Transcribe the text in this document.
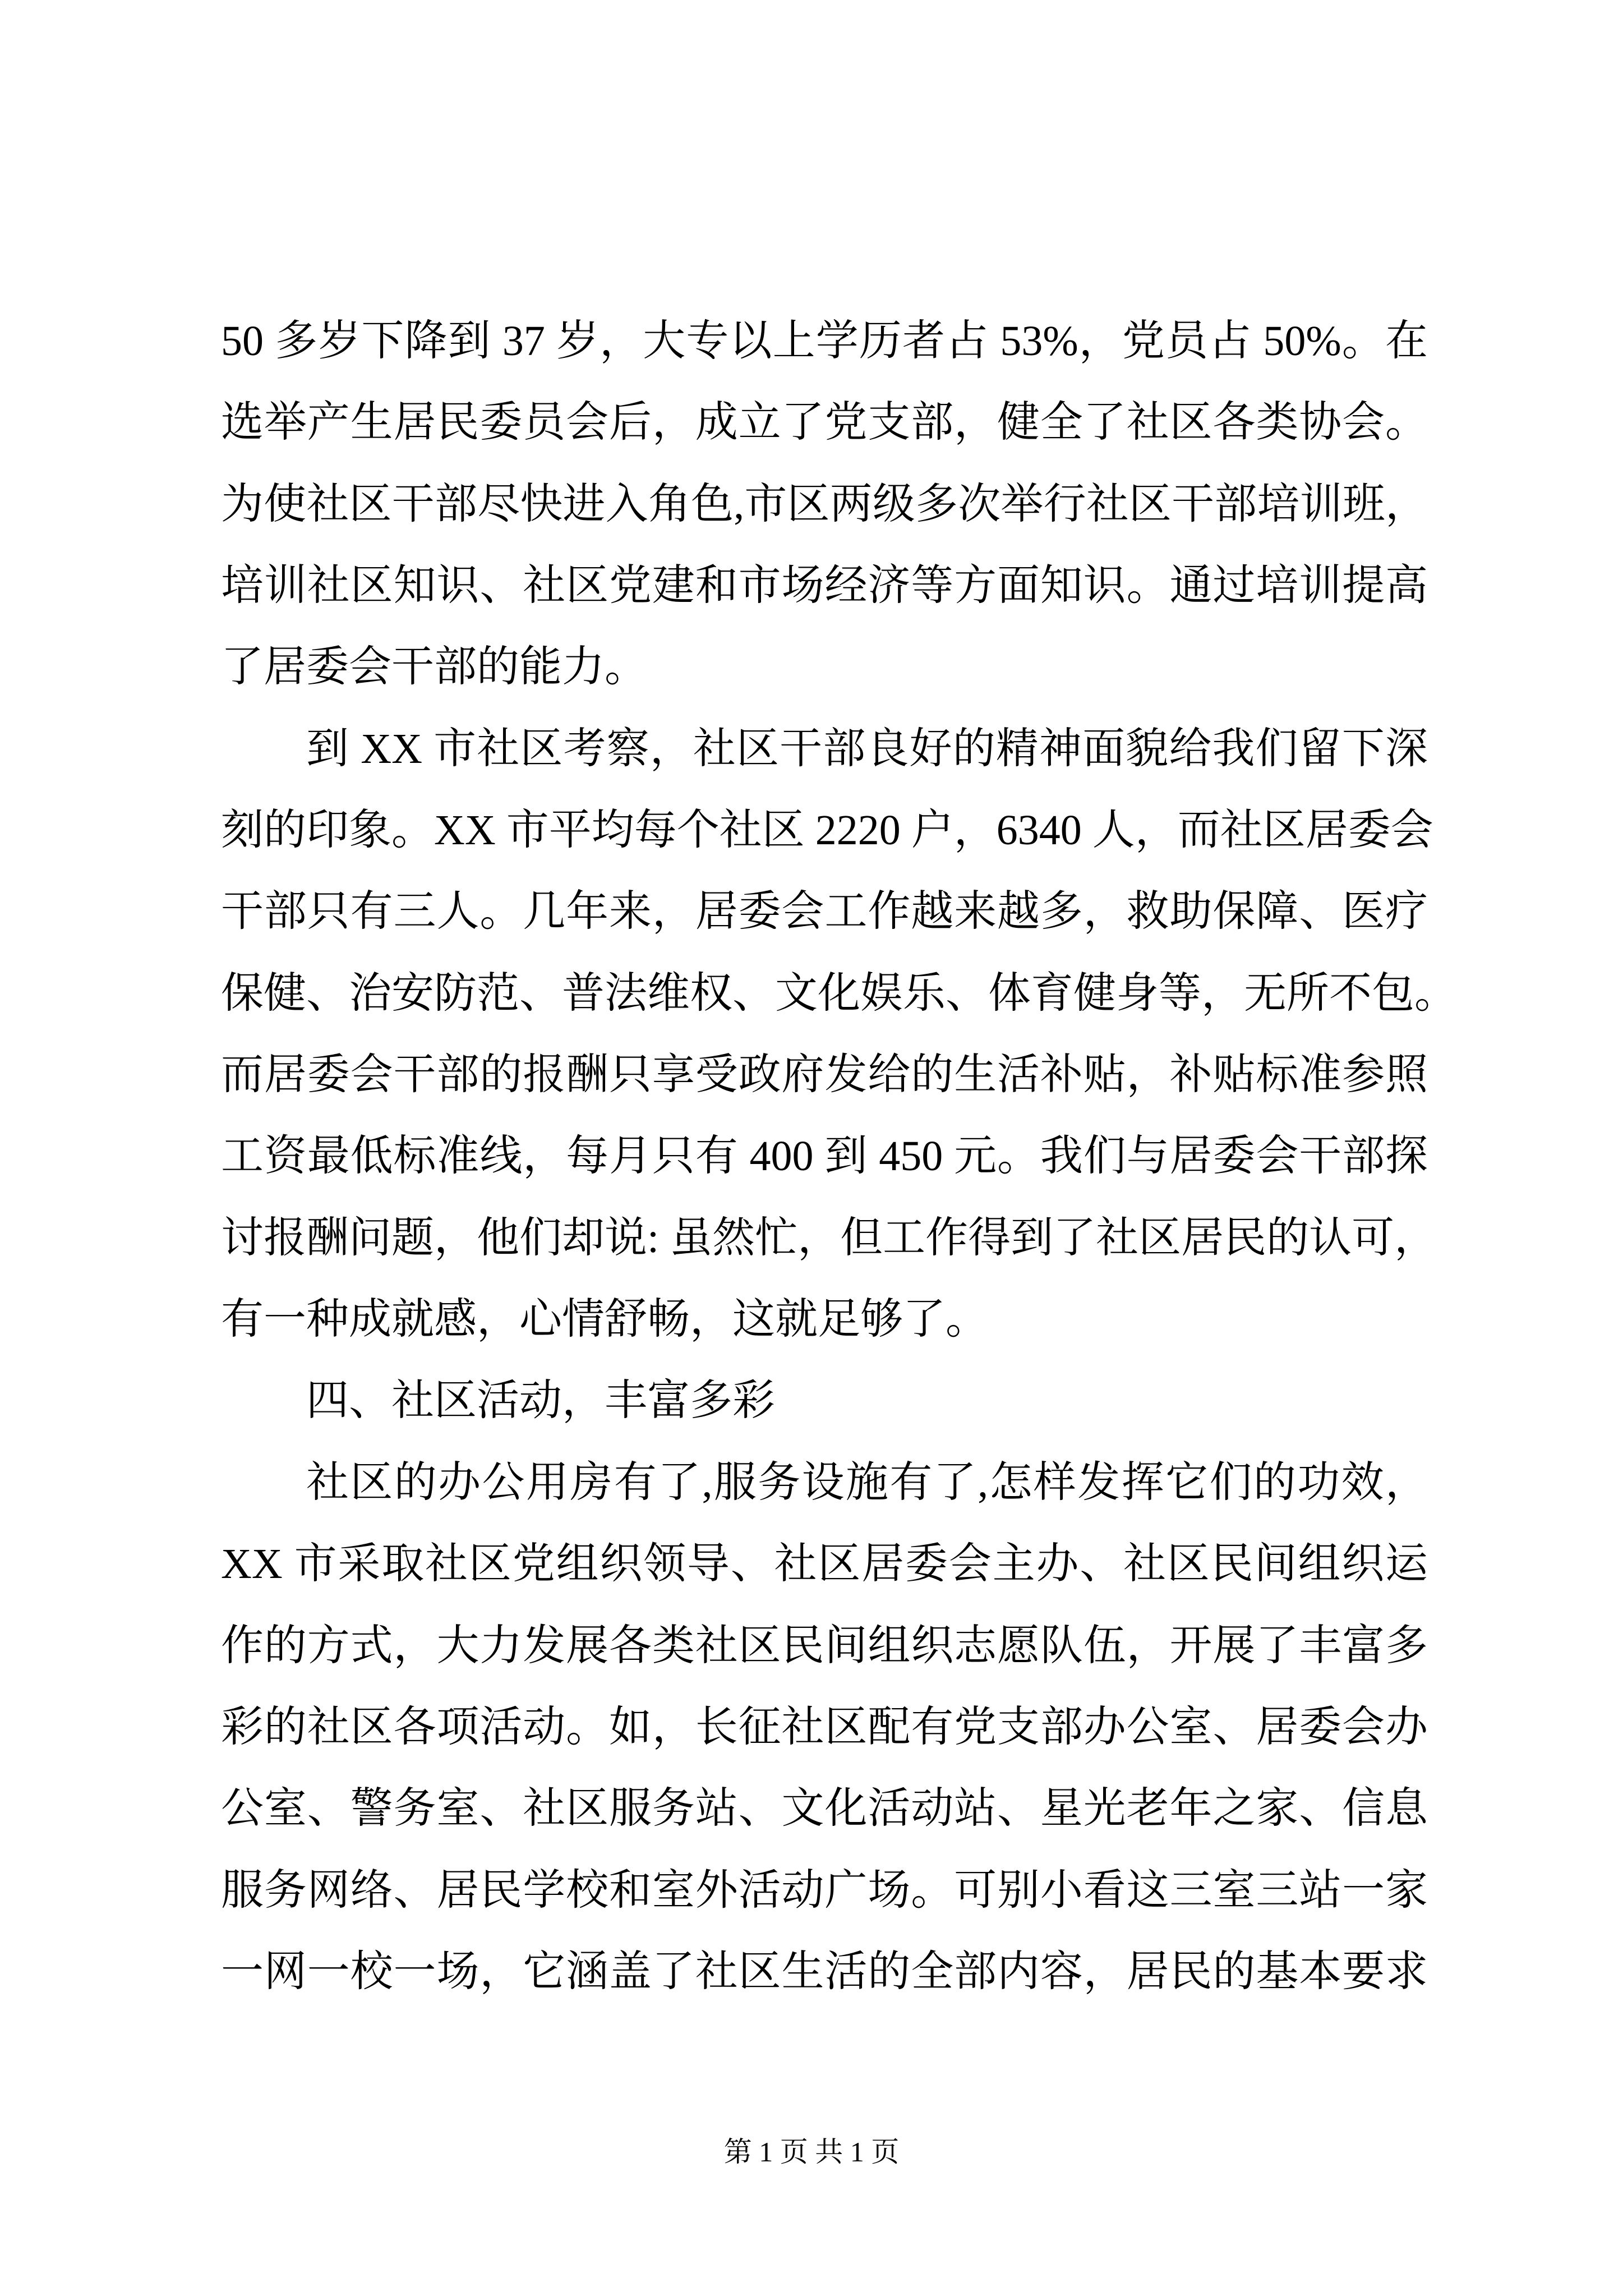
50 多岁下降到 37 岁，大专以上学历者占 53%，党员占 50%。在
选举产生居民委员会后，成立了党支部，健全了社区各类协会。
为使社区干部尽快进入角色,市区两级多次举行社区干部培训班，
培训社区知识、社区党建和市场经济等方面知识。通过培训提高
了居委会干部的能力。
到 XX 市社区考察，社区干部良好的精神面貌给我们留下深
刻的印象。XX 市平均每个社区 2220 户，6340 人，而社区居委会
干部只有三人。几年来，居委会工作越来越多，救助保障、医疗
保健、治安防范、普法维权、文化娱乐、体育健身等，无所不包。
而居委会干部的报酬只享受政府发给的生活补贴，补贴标准参照
工资最低标准线，每月只有 400 到 450 元。我们与居委会干部探
讨报酬问题，他们却说: 虽然忙，但工作得到了社区居民的认可，
有一种成就感，心情舒畅，这就足够了。
四、社区活动，丰富多彩
社区的办公用房有了,服务设施有了,怎样发挥它们的功效，
XX 市采取社区党组织领导、社区居委会主办、社区民间组织运
作的方式，大力发展各类社区民间组织志愿队伍，开展了丰富多
彩的社区各项活动。如，长征社区配有党支部办公室、居委会办
公室、警务室、社区服务站、文化活动站、星光老年之家、信息
服务网络、居民学校和室外活动广场。可别小看这三室三站一家
一网一校一场，它涵盖了社区生活的全部内容，居民的基本要求
第 1 页 共 1 页
